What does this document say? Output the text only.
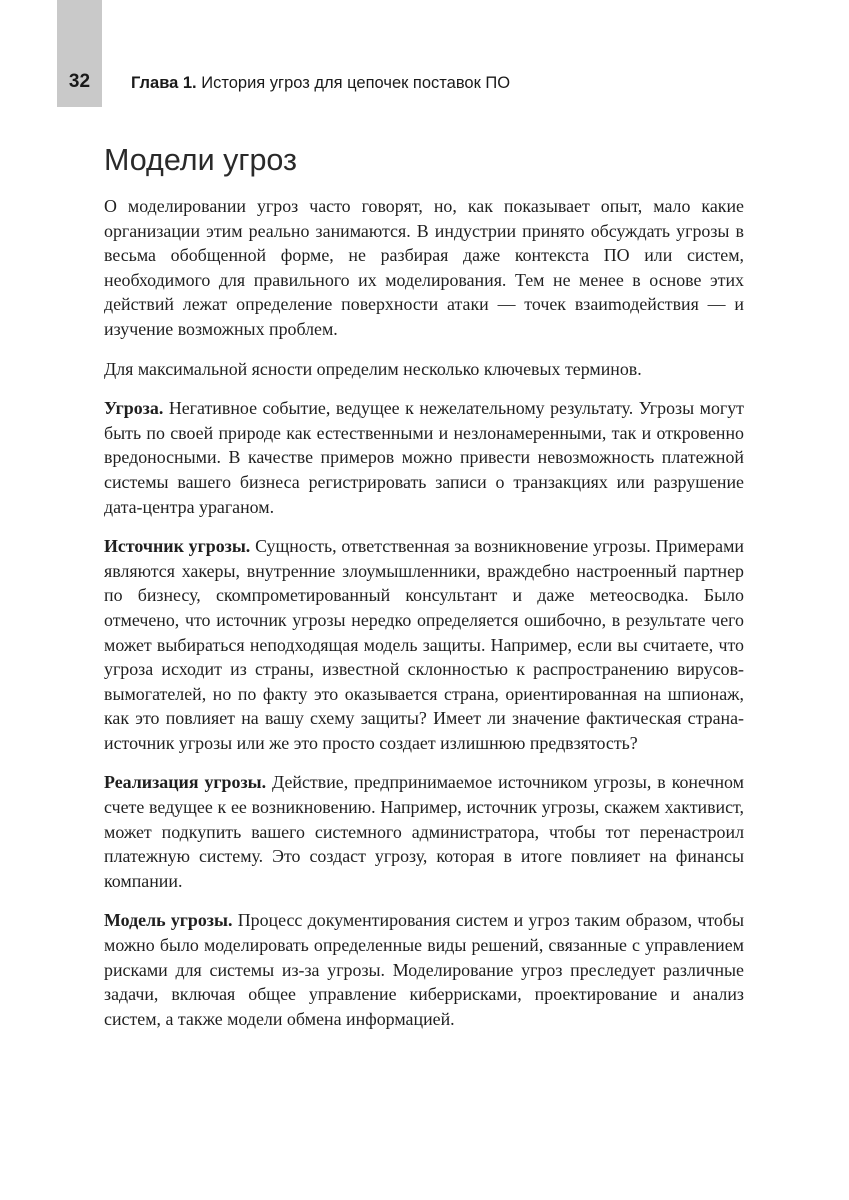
32	Глава 1. История угроз для цепочек поставок ПО
Модели угроз

О моделировании угроз часто говорят, но, как показывает опыт, мало какие организации этим реально занимаются. В индустрии принято обсуждать угрозы в весьма обобщенной форме, не разбирая даже контекста ПО или систем, необходимого для правильного их моделирования. Тем не менее в основе этих действий лежат определение поверхности атаки — точек взаиmодействия — и изучение возможных проблем.

Для максимальной ясности определим несколько ключевых терминов.

Угроза. Негативное событие, ведущее к нежелательному результату. Угрозы могут быть по своей природе как естественными и незлонамеренными, так и откровенно вредоносными. В качестве примеров можно привести невозможность платежной системы вашего бизнеса регистрировать записи о транзакциях или разрушение дата-центра ураганом.

Источник угрозы. Сущность, ответственная за возникновение угрозы. Примерами являются хакеры, внутренние злоумышленники, враждебно настроенный партнер по бизнесу, скомпрометированный консультант и даже метеосводка. Было отмечено, что источник угрозы нередко определяется ошибочно, в результате чего может выбираться неподходящая модель защиты. Например, если вы считаете, что угроза исходит из страны, известной склонностью к распространению вирусов-вымогателей, но по факту это оказывается страна, ориентированная на шпионаж, как это повлияет на вашу схему защиты? Имеет ли значение фактическая страна-источник угрозы или же это просто создает излишнюю предвзятость?

Реализация угрозы. Действие, предпринимаемое источником угрозы, в конечном счете ведущее к ее возникновению. Например, источник угрозы, скажем хактивист, может подкупить вашего системного администратора, чтобы тот перенастроил платежную систему. Это создаст угрозу, которая в итоге повлияет на финансы компании.

Модель угрозы. Процесс документирования систем и угроз таким образом, чтобы можно было моделировать определенные виды решений, связанные с управлением рисками для системы из-за угрозы. Моделирование угроз преследует различные задачи, включая общее управление киберрисками, проектирование и анализ систем, а также модели обмена информацией.
